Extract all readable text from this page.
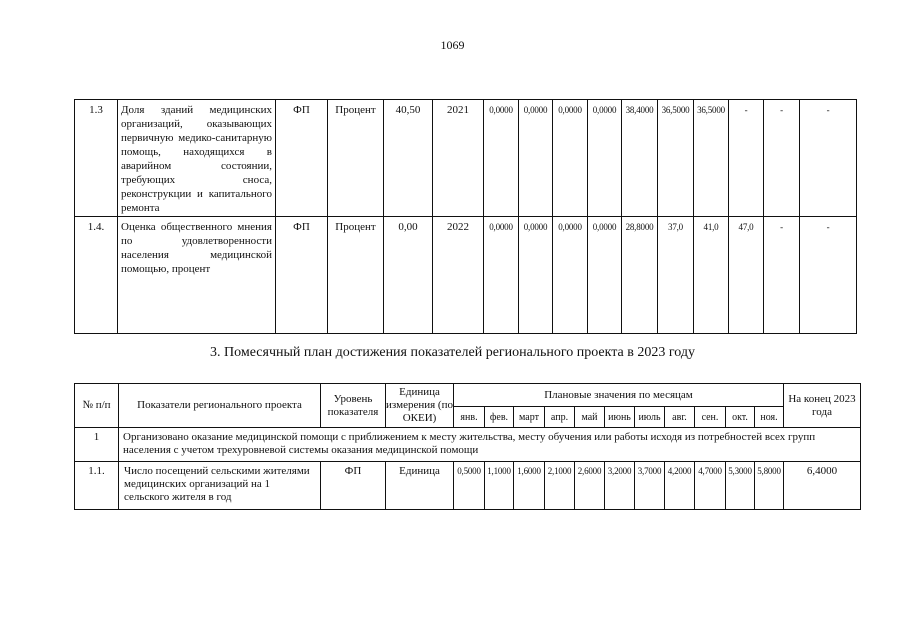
1069
1.3	Доля зданий медицинских организаций, оказывающих первичную медико-санитарную помощь, находящихся в аварийном состоянии, требующих сноса, реконструкции и капитального ремонта	ФП	Процент	40,50	2021	0,0000	0,0000	0,0000	0,0000	38,4000	36,5000	36,5000	-	-	-
1.4.	Оценка общественного мнения по удовлетворенности населения медицинской помощью, процент	ФП	Процент	0,00	2022	0,0000	0,0000	0,0000	0,0000	28,8000	37,0	41,0	47,0	-	-
3. Помесячный план достижения показателей регионального проекта в 2023 году
№ п/п	Показатели регионального проекта	Уровень показателя	Единица измерения (по ОКЕИ)	Плановые значения по месяцам											На конец 2023 года
				янв.	фев.	март	апр.	май	июнь	июль	авг.	сен.	окт.	ноя.	
1	Организовано оказание медицинской помощи с приближением к месту жительства, месту обучения или работы исходя из потребностей всех групп населения с учетом трехуровневой системы оказания медицинской помощи														
1.1.	Число посещений сельскими жителями медицинских организаций на 1 сельского жителя в год	ФП	Единица	0,5000	1,1000	1,6000	2,1000	2,6000	3,2000	3,7000	4,2000	4,7000	5,3000	5,8000	6,4000
